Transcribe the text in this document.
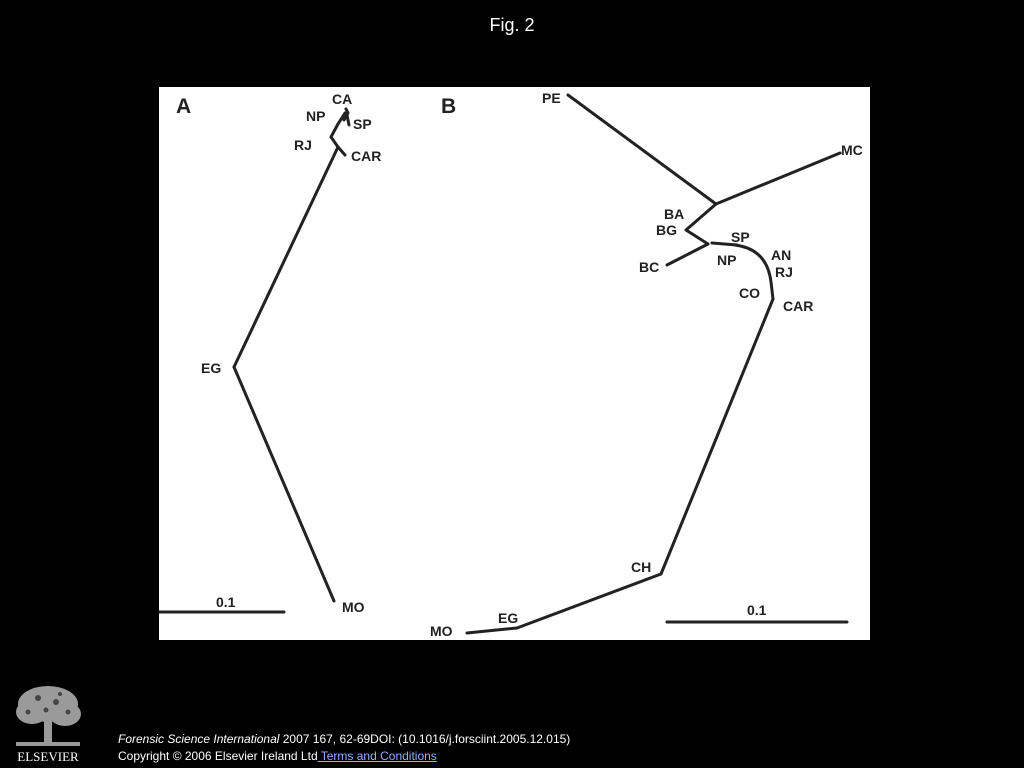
Fig. 2
A	CA
NP SP
RJ
CAR
EG
MO
0.1
B	PE
MC
BA
BG	SP
AN
BC	NP
RJ
CO
CAR
CH
EG
MO
0.1
ELSEVIER
Forensic Science International 2007 167, 62-69DOI: (10.1016/j.forsciint.2005.12.015)
Copyright © 2006 Elsevier Ireland Ltd Terms and Conditions
